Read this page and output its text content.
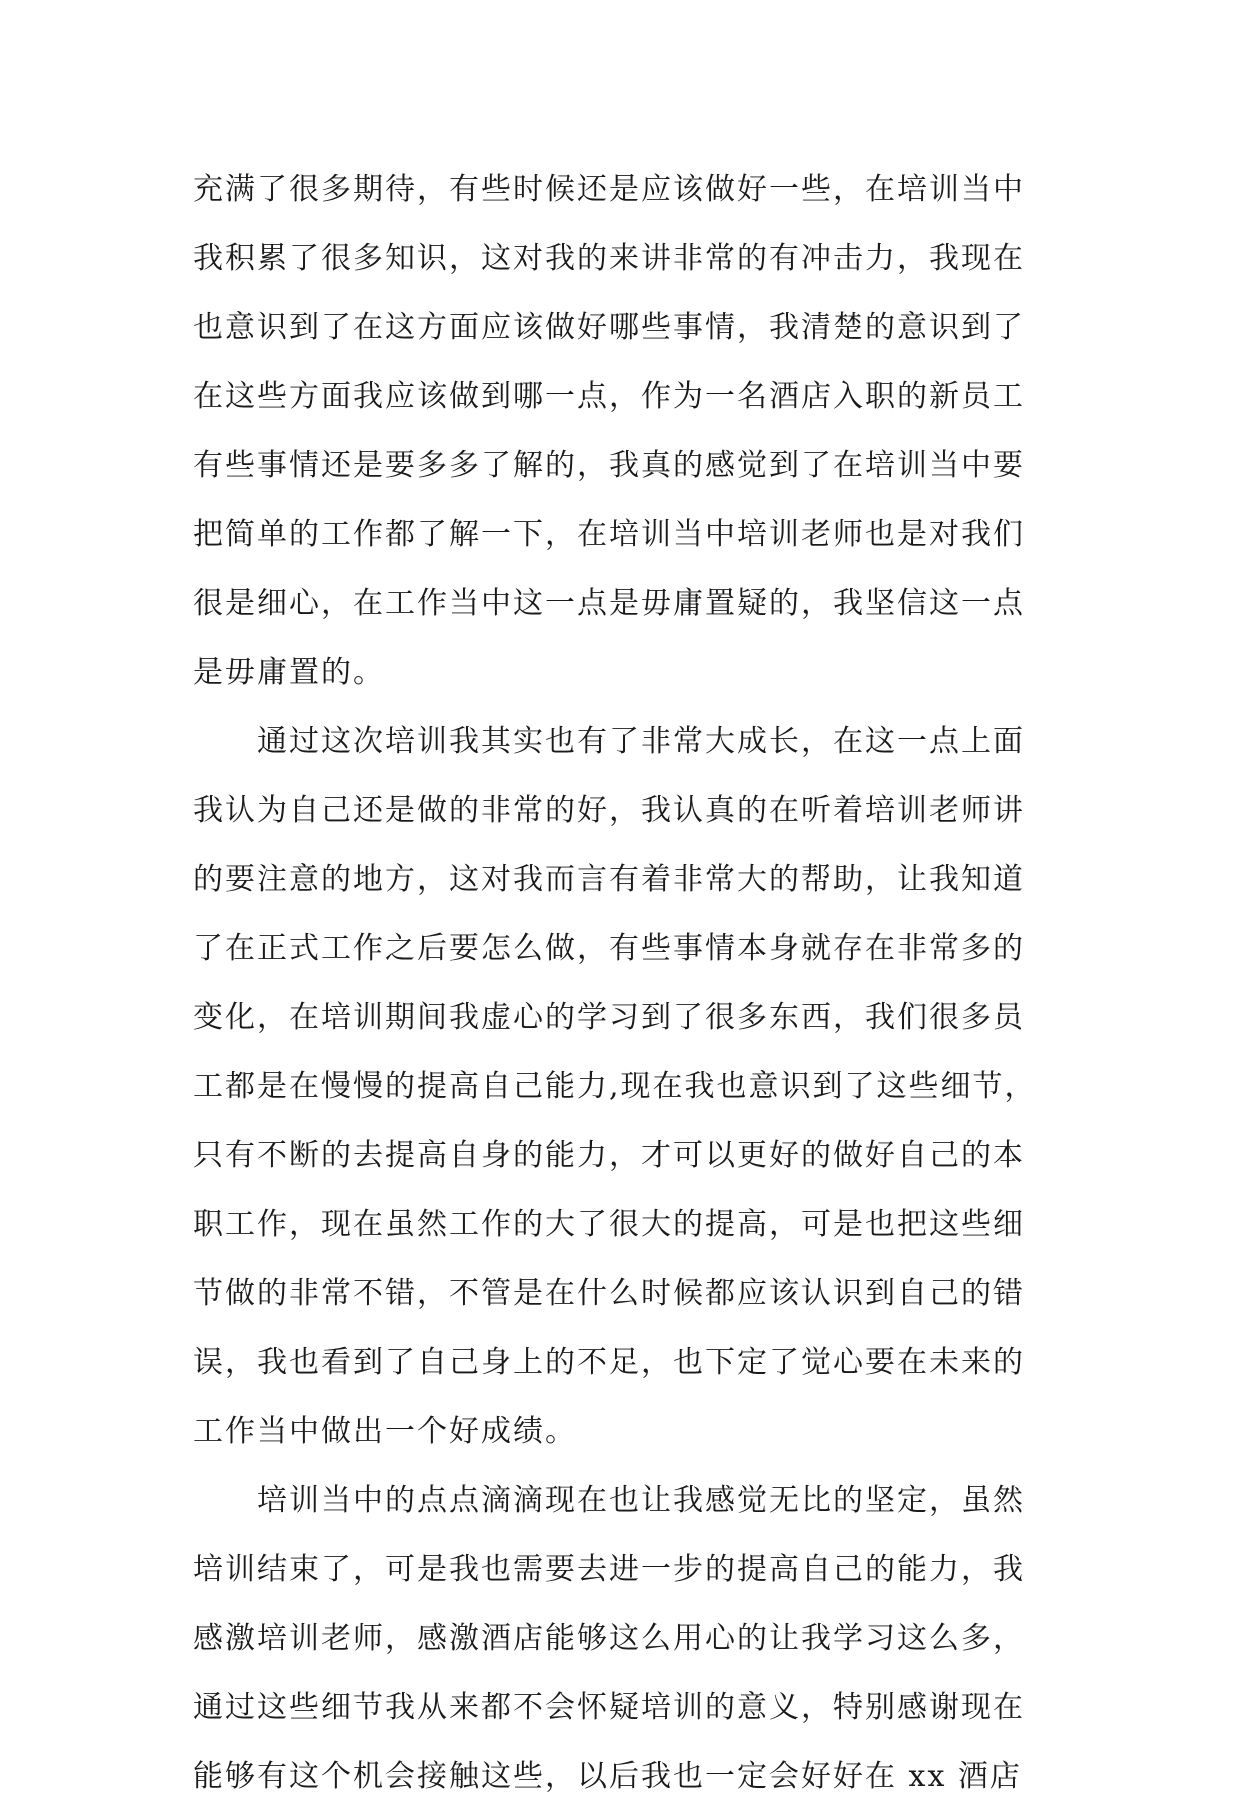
充满了很多期待，有些时候还是应该做好一些，在培训当中
我积累了很多知识，这对我的来讲非常的有冲击力，我现在
也意识到了在这方面应该做好哪些事情，我清楚的意识到了
在这些方面我应该做到哪一点，作为一名酒店入职的新员工
有些事情还是要多多了解的，我真的感觉到了在培训当中要
把简单的工作都了解一下，在培训当中培训老师也是对我们
很是细心，在工作当中这一点是毋庸置疑的，我坚信这一点
是毋庸置的。
通过这次培训我其实也有了非常大成长，在这一点上面
我认为自己还是做的非常的好，我认真的在听着培训老师讲
的要注意的地方，这对我而言有着非常大的帮助，让我知道
了在正式工作之后要怎么做，有些事情本身就存在非常多的
变化，在培训期间我虚心的学习到了很多东西，我们很多员
工都是在慢慢的提高自己能力,现在我也意识到了这些细节，
只有不断的去提高自身的能力，才可以更好的做好自己的本
职工作，现在虽然工作的大了很大的提高，可是也把这些细
节做的非常不错，不管是在什么时候都应该认识到自己的错
误，我也看到了自己身上的不足，也下定了觉心要在未来的
工作当中做出一个好成绩。
培训当中的点点滴滴现在也让我感觉无比的坚定，虽然
培训结束了，可是我也需要去进一步的提高自己的能力，我
感激培训老师，感激酒店能够这么用心的让我学习这么多，
通过这些细节我从来都不会怀疑培训的意义，特别感谢现在
能够有这个机会接触这些，以后我也一定会好好在 xx 酒店
